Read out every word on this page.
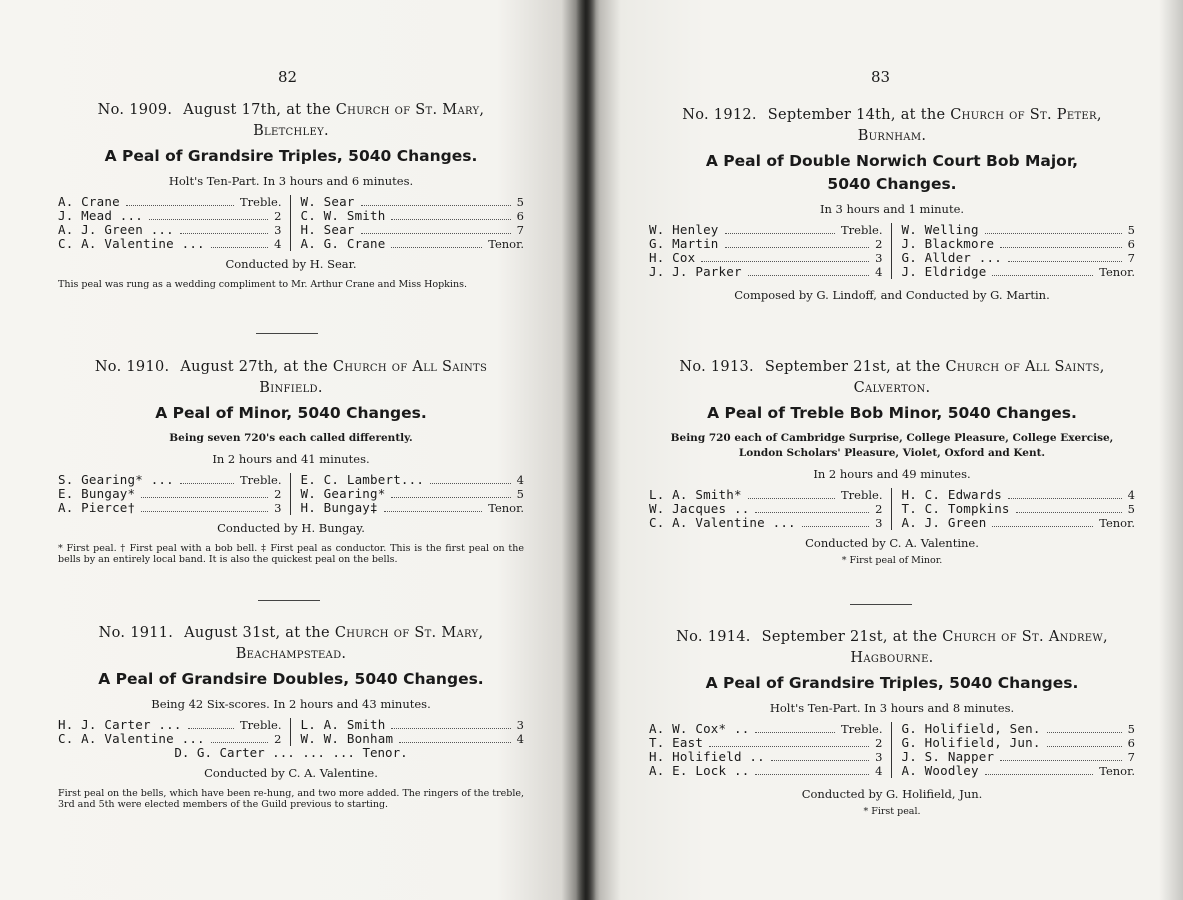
82
No. 1909. August 17th, at the Church of St. Mary,
Bletchley.
A Peal of Grandsire Triples, 5040 Changes.
Holt's Ten-Part. In 3 hours and 6 minutes.
A. Crane	Treble.
J. Mead ...	2
A. J. Green ...	3
C. A. Valentine ...	4
W. Sear	5
C. W. Smith	6
H. Sear	7
A. G. Crane	Tenor.
Conducted by H. Sear.
This peal was rung as a wedding compliment to Mr. Arthur Crane and Miss Hopkins.
No. 1910. August 27th, at the Church of All Saints
Binfield.
A Peal of Minor, 5040 Changes.
Being seven 720's each called differently.
In 2 hours and 41 minutes.
S. Gearing* ...	Treble.
E. Bungay*	2
A. Pierce†	3
E. C. Lambert...	4
W. Gearing*	5
H. Bungay‡	Tenor.
Conducted by H. Bungay.
* First peal. † First peal with a bob bell. ‡ First peal as conductor. This is the first peal on the bells by an entirely local band. It is also the quickest peal on the bells.
No. 1911. August 31st, at the Church of St. Mary,
Beachampstead.
A Peal of Grandsire Doubles, 5040 Changes.
Being 42 Six-scores. In 2 hours and 43 minutes.
H. J. Carter ...	Treble.
C. A. Valentine ...	2
L. A. Smith	3
W. W. Bonham	4
D. G. Carter ... ... ... Tenor.
Conducted by C. A. Valentine.
First peal on the bells, which have been re-hung, and two more added. The ringers of the treble, 3rd and 5th were elected members of the Guild previous to starting.
83
No. 1912. September 14th, at the Church of St. Peter,
Burnham.
A Peal of Double Norwich Court Bob Major,
5040 Changes.
In 3 hours and 1 minute.
W. Henley	Treble.
G. Martin	2
H. Cox	3
J. J. Parker	4
W. Welling	5
J. Blackmore	6
G. Allder ...	7
J. Eldridge	Tenor.
Composed by G. Lindoff, and Conducted by G. Martin.
No. 1913. September 21st, at the Church of All Saints,
Calverton.
A Peal of Treble Bob Minor, 5040 Changes.
Being 720 each of Cambridge Surprise, College Pleasure, College Exercise, London Scholars' Pleasure, Violet, Oxford and Kent.
In 2 hours and 49 minutes.
L. A. Smith*	Treble.
W. Jacques ..	2
C. A. Valentine ...	3
H. C. Edwards	4
T. C. Tompkins	5
A. J. Green	Tenor.
Conducted by C. A. Valentine.
* First peal of Minor.
No. 1914. September 21st, at the Church of St. Andrew,
Hagbourne.
A Peal of Grandsire Triples, 5040 Changes.
Holt's Ten-Part. In 3 hours and 8 minutes.
A. W. Cox* ..	Treble.
T. East	2
H. Holifield ..	3
A. E. Lock ..	4
G. Holifield, Sen.	5
G. Holifield, Jun.	6
J. S. Napper	7
A. Woodley	Tenor.
Conducted by G. Holifield, Jun.
* First peal.
